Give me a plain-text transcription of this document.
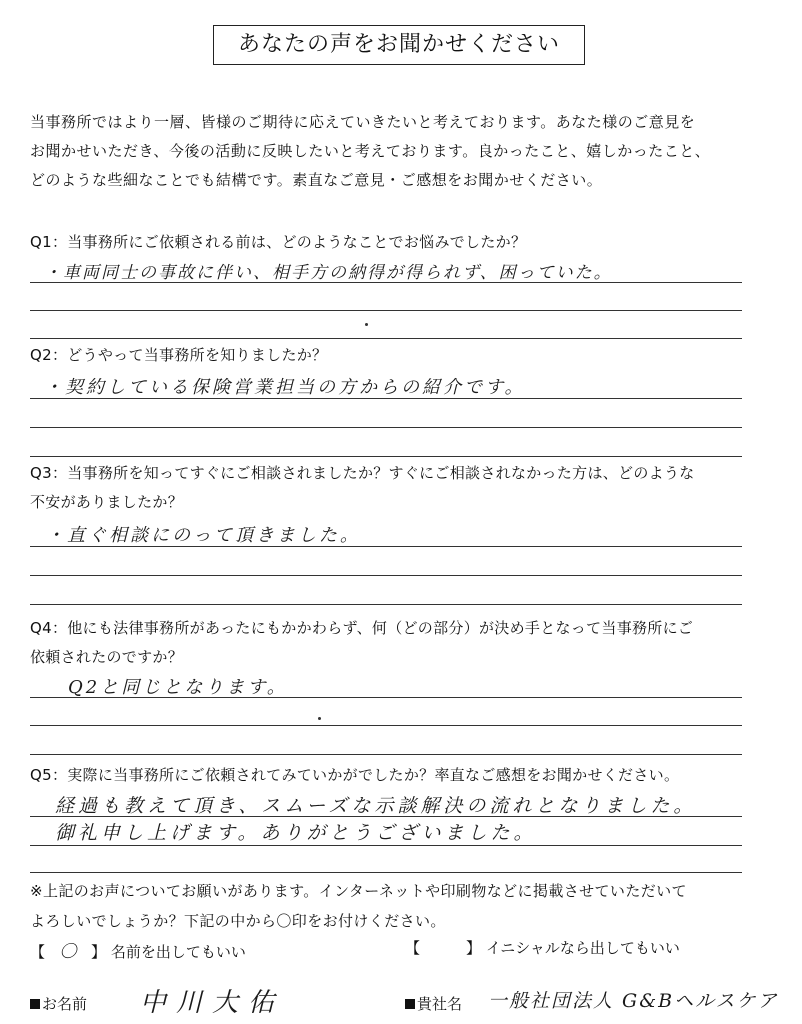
あなたの声をお聞かせください
当事務所ではより一層、皆様のご期待に応えていきたいと考えております。あなた様のご意見を
お聞かせいただき、今後の活動に反映したいと考えております。良かったこと、嬉しかったこと、
どのような些細なことでも結構です。素直なご意見・ご感想をお聞かせください。
Q1：当事務所にご依頼される前は、どのようなことでお悩みでしたか？
・車両同士の事故に伴い、相手方の納得が得られず、困っていた。
Q2：どうやって当事務所を知りましたか？
・契約している保険営業担当の方からの紹介です。
Q3：当事務所を知ってすぐにご相談されましたか？すぐにご相談されなかった方は、どのような
不安がありましたか？
・直ぐ相談にのって頂きました。
Q4：他にも法律事務所があったにもかかわらず、何（どの部分）が決め手となって当事務所にご
依頼されたのですか？
Q2と同じとなります。
Q5：実際に当事務所にご依頼されてみていかがでしたか？率直なご感想をお聞かせください。
経過も教えて頂き、スムーズな示談解決の流れとなりました。
御礼申し上げます。ありがとうございました。
※上記のお声についてお願いがあります。インターネットや印刷物などに掲載させていただいて
よろしいでしょうか？下記の中から〇印をお付けください。
【 〇 】 名前を出してもいい	【	】 イニシャルなら出してもいい
お名前 中川大佑	貴社名 一般社団法人 G&Bヘルスケア
